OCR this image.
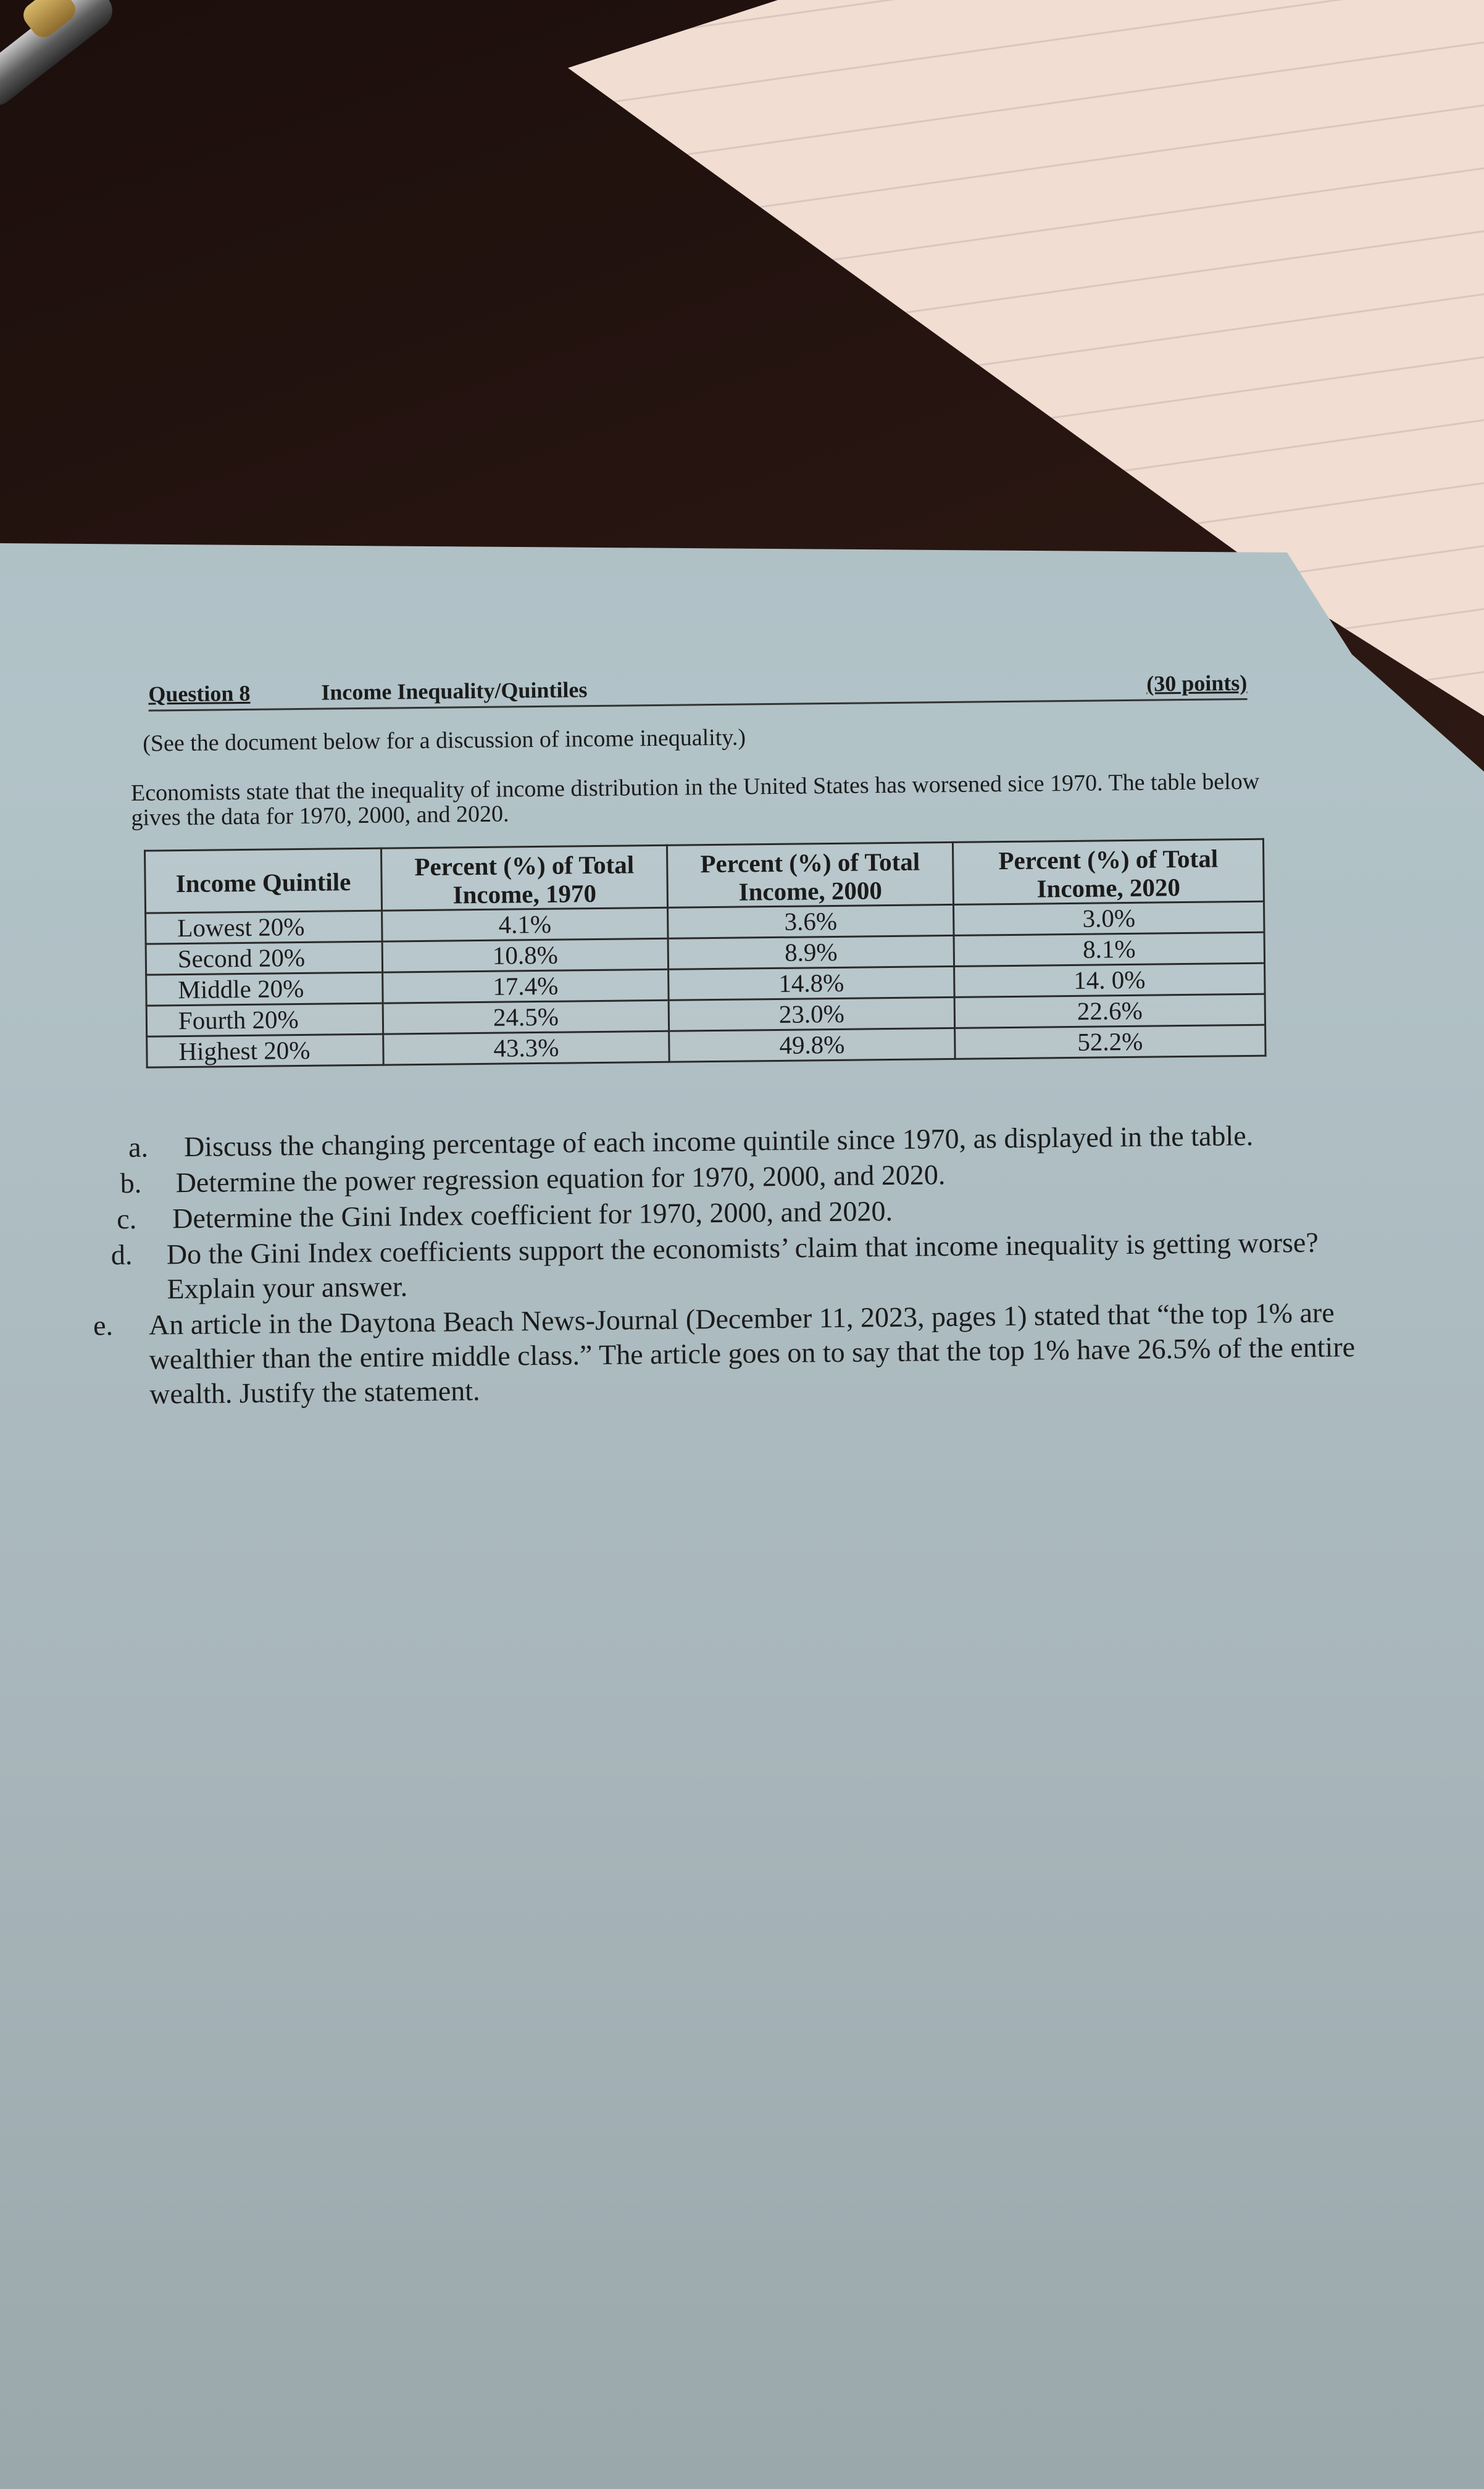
Question 8	Income Inequality/Quintiles	(30 points)
(See the document below for a discussion of income inequality.)
Economists state that the inequality of income distribution in the United States has worsened sice 1970. The table below gives the data for 1970, 2000, and 2020.
Income Quintile	Percent (%) of Total Income, 1970	Percent (%) of Total Income, 2000	Percent (%) of Total Income, 2020
Lowest 20%	4.1%	3.6%	3.0%
Second 20%	10.8%	8.9%	8.1%
Middle 20%	17.4%	14.8%	14. 0%
Fourth 20%	24.5%	23.0%	22.6%
Highest 20%	43.3%	49.8%	52.2%
a. Discuss the changing percentage of each income quintile since 1970, as displayed in the table.
b. Determine the power regression equation for 1970, 2000, and 2020.
c. Determine the Gini Index coefficient for 1970, 2000, and 2020.
d. Do the Gini Index coefficients support the economists’ claim that income inequality is getting worse? Explain your answer.
e. An article in the Daytona Beach News-Journal (December 11, 2023, pages 1) stated that “the top 1% are wealthier than the entire middle class.” The article goes on to say that the top 1% have 26.5% of the entire wealth. Justify the statement.
